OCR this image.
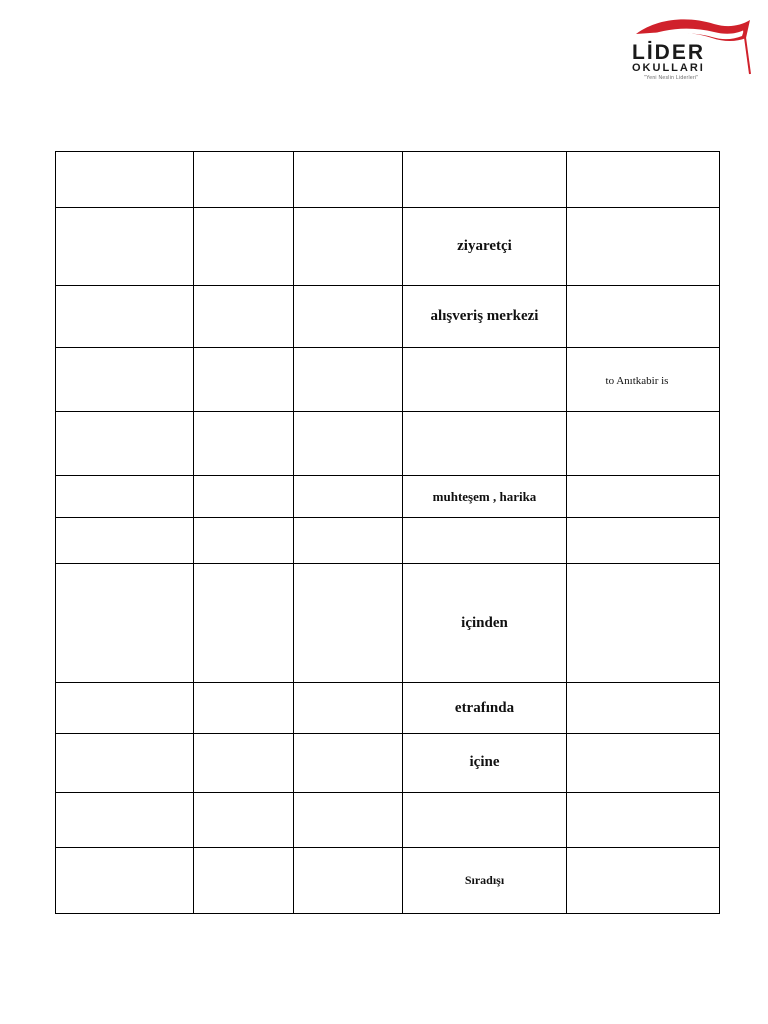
LİDER
OKULLARI
"Yeni Neslin Liderleri"

			ziyaretçi	
			alışveriş merkezi	

				to Anıtkabir is

			muhteşem , harika	

			içinden	
			etrafında	
			içine	

			Sıradışı	
